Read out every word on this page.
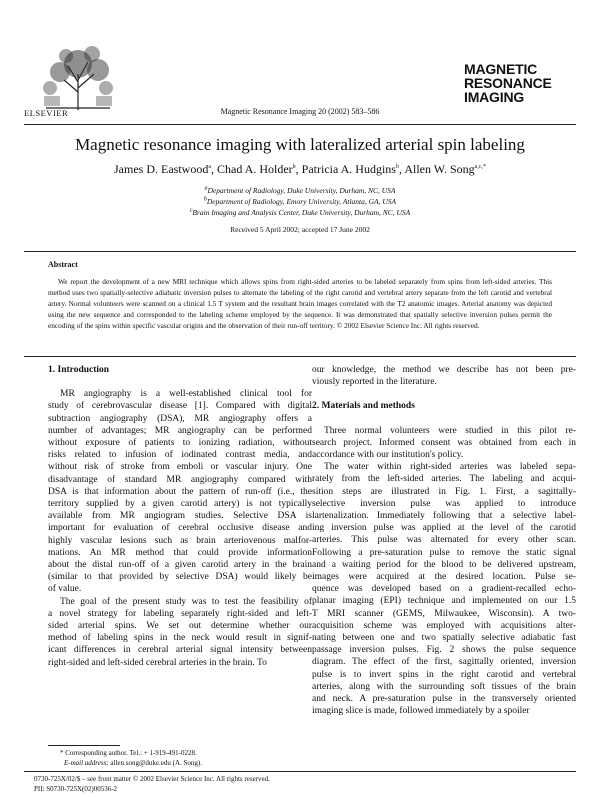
ELSEVIER	Magnetic Resonance Imaging 20 (2002) 583–586
MAGNETIC
RESONANCE
IMAGING
Magnetic resonance imaging with lateralized arterial spin labeling
James D. Eastwood$^a$, Chad A. Holder$^b$, Patricia A. Hudgins$^b$, Allen W. Song$^{a,c,*}$
$^a$Department of Radiology, Duke University, Durham, NC, USA
$^b$Department of Radiology, Emory University, Atlanta, GA, USA
$^c$Brain Imaging and Analysis Center, Duke University, Durham, NC, USA
Received 5 April 2002; accepted 17 June 2002
Abstract
We report the development of a new MRI technique which allows spins from right-sided arteries to be labeled separately from spins from left-sided arteries. This method uses two spatially-selective adiabatic inversion pulses to alternate the labeling of the right carotid and vertebral artery separate from the left carotid and vertebral artery. Normal volunteers were scanned on a clinical 1.5 T system and the resultant brain images correlated with the T2 anatomic images. Arterial anatomy was depicted using the new sequence and corresponded to the labeling scheme employed by the sequence. It was demonstrated that spatially selective inversion pulses permit the encoding of the spins within specific vascular origins and the observation of their run-off territory. © 2002 Elsevier Science Inc. All rights reserved.
1. Introduction

MR angiography is a well-established clinical tool for
study of cerebrovascular disease [1]. Compared with digital
subtraction angiography (DSA), MR angiography offers a
number of advantages; MR angiography can be performed
without exposure of patients to ionizing radiation, without
risks related to infusion of iodinated contrast media, and
without risk of stroke from emboli or vascular injury. One
disadvantage of standard MR angiography compared with
DSA is that information about the pattern of run-off (i.e., the
territory supplied by a given carotid artery) is not typically
available from MR angiogram studies. Selective DSA is
important for evaluation of cerebral occlusive disease and
highly vascular lesions such as brain arteriovenous malfor-
mations. An MR method that could provide information
about the distal run-off of a given carotid artery in the brain
(similar to that provided by selective DSA) would likely be
of value.

The goal of the present study was to test the feasibility of
a novel strategy for labeling separately right-sided and left-
sided arterial spins. We set out determine whether our
method of labeling spins in the neck would result in signif-
icant differences in cerebral arterial signal intensity between
right-sided and left-sided cerebral arteries in the brain. To

our knowledge, the method we describe has not been pre-
viously reported in the literature.

2. Materials and methods

Three normal volunteers were studied in this pilot re-
search project. Informed consent was obtained from each in
accordance with our institution's policy.

The water within right-sided arteries was labeled sepa-
rately from the left-sided arteries. The labeling and acqui-
sition steps are illustrated in Fig. 1. First, a sagittally-
selective inversion pulse was applied to introduce
lartenalization. Immediately following that a selective label-
ing inversion pulse was applied at the level of the carotid
arteries. This pulse was alternated for every other scan.
Following a pre-saturation pulse to remove the static signal
and a waiting period for the blood to be delivered upstream,
images were acquired at the desired location. Pulse se-
quence was developed based on a gradient-recalled echo-
planar imaging (EPI) technique and implemented on our 1.5
T MRI scanner (GEMS, Milwaukee, Wisconsin). A two-
acquisition scheme was employed with acquisitions alter-
nating between one and two spatially selective adiabatic fast
passage inversion pulses. Fig. 2 shows the pulse sequence
diagram. The effect of the first, sagittally oriented, inversion
pulse is to invert spins in the right carotid and vertebral
arteries, along with the surrounding soft tissues of the brain
and neck. A pre-saturation pulse in the transversely oriented
imaging slice is made, followed immediately by a spoiler

* Corresponding author. Tel.: + 1-919-491-0228.
E-mail address: allen.song@duke.edu (A. Song).
0730-725X/02/$ – see front matter © 2002 Elsevier Science Inc. All rights reserved.
PII: S0730-725X(02)00536-2
